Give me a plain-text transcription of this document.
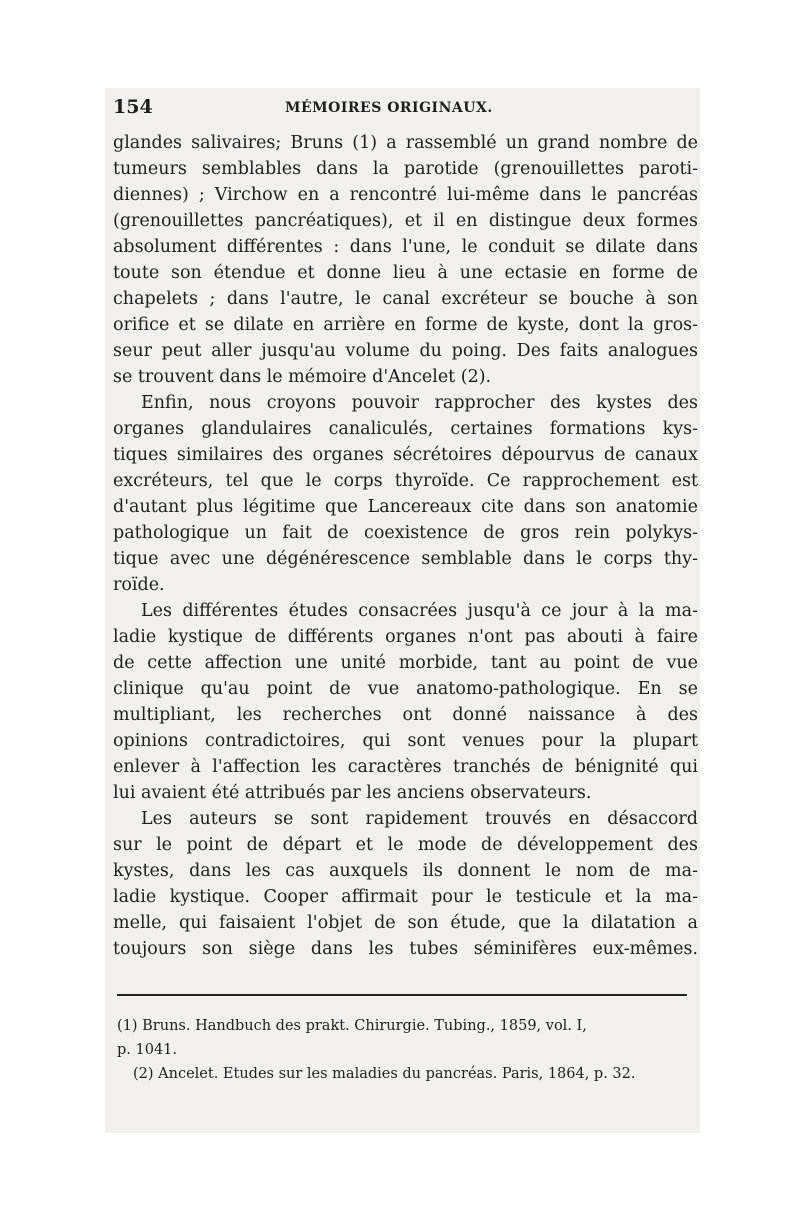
154	MÉMOIRES ORIGINAUX.

glandes salivaires; Bruns (1) a rassemblé un grand nombre de
tumeurs semblables dans la parotide (grenouillettes paroti-
diennes) ; Virchow en a rencontré lui-même dans le pancréas
(grenouillettes pancréatiques), et il en distingue deux formes
absolument différentes : dans l'une, le conduit se dilate dans
toute son étendue et donne lieu à une ectasie en forme de
chapelets ; dans l'autre, le canal excréteur se bouche à son
orifice et se dilate en arrière en forme de kyste, dont la gros-
seur peut aller jusqu'au volume du poing. Des faits analogues
se trouvent dans le mémoire d'Ancelet (2).

Enfin, nous croyons pouvoir rapprocher des kystes des
organes glandulaires canaliculés, certaines formations kys-
tiques similaires des organes sécrétoires dépourvus de canaux
excréteurs, tel que le corps thyroïde. Ce rapprochement est
d'autant plus légitime que Lancereaux cite dans son anatomie
pathologique un fait de coexistence de gros rein polykys-
tique avec une dégénérescence semblable dans le corps thy-
roïde.

Les différentes études consacrées jusqu'à ce jour à la ma-
ladie kystique de différents organes n'ont pas abouti à faire
de cette affection une unité morbide, tant au point de vue
clinique qu'au point de vue anatomo-pathologique. En se
multipliant, les recherches ont donné naissance à des
opinions contradictoires, qui sont venues pour la plupart
enlever à l'affection les caractères tranchés de bénignité qui
lui avaient été attribués par les anciens observateurs.

Les auteurs se sont rapidement trouvés en désaccord
sur le point de départ et le mode de développement des
kystes, dans les cas auxquels ils donnent le nom de ma-
ladie kystique. Cooper affirmait pour le testicule et la ma-
melle, qui faisaient l'objet de son étude, que la dilatation a
toujours son siège dans les tubes séminifères eux-mêmes.

(1) Bruns. Handbuch des prakt. Chirurgie. Tubing., 1859, vol. I,
p. 1041.
(2) Ancelet. Etudes sur les maladies du pancréas. Paris, 1864, p. 32.
